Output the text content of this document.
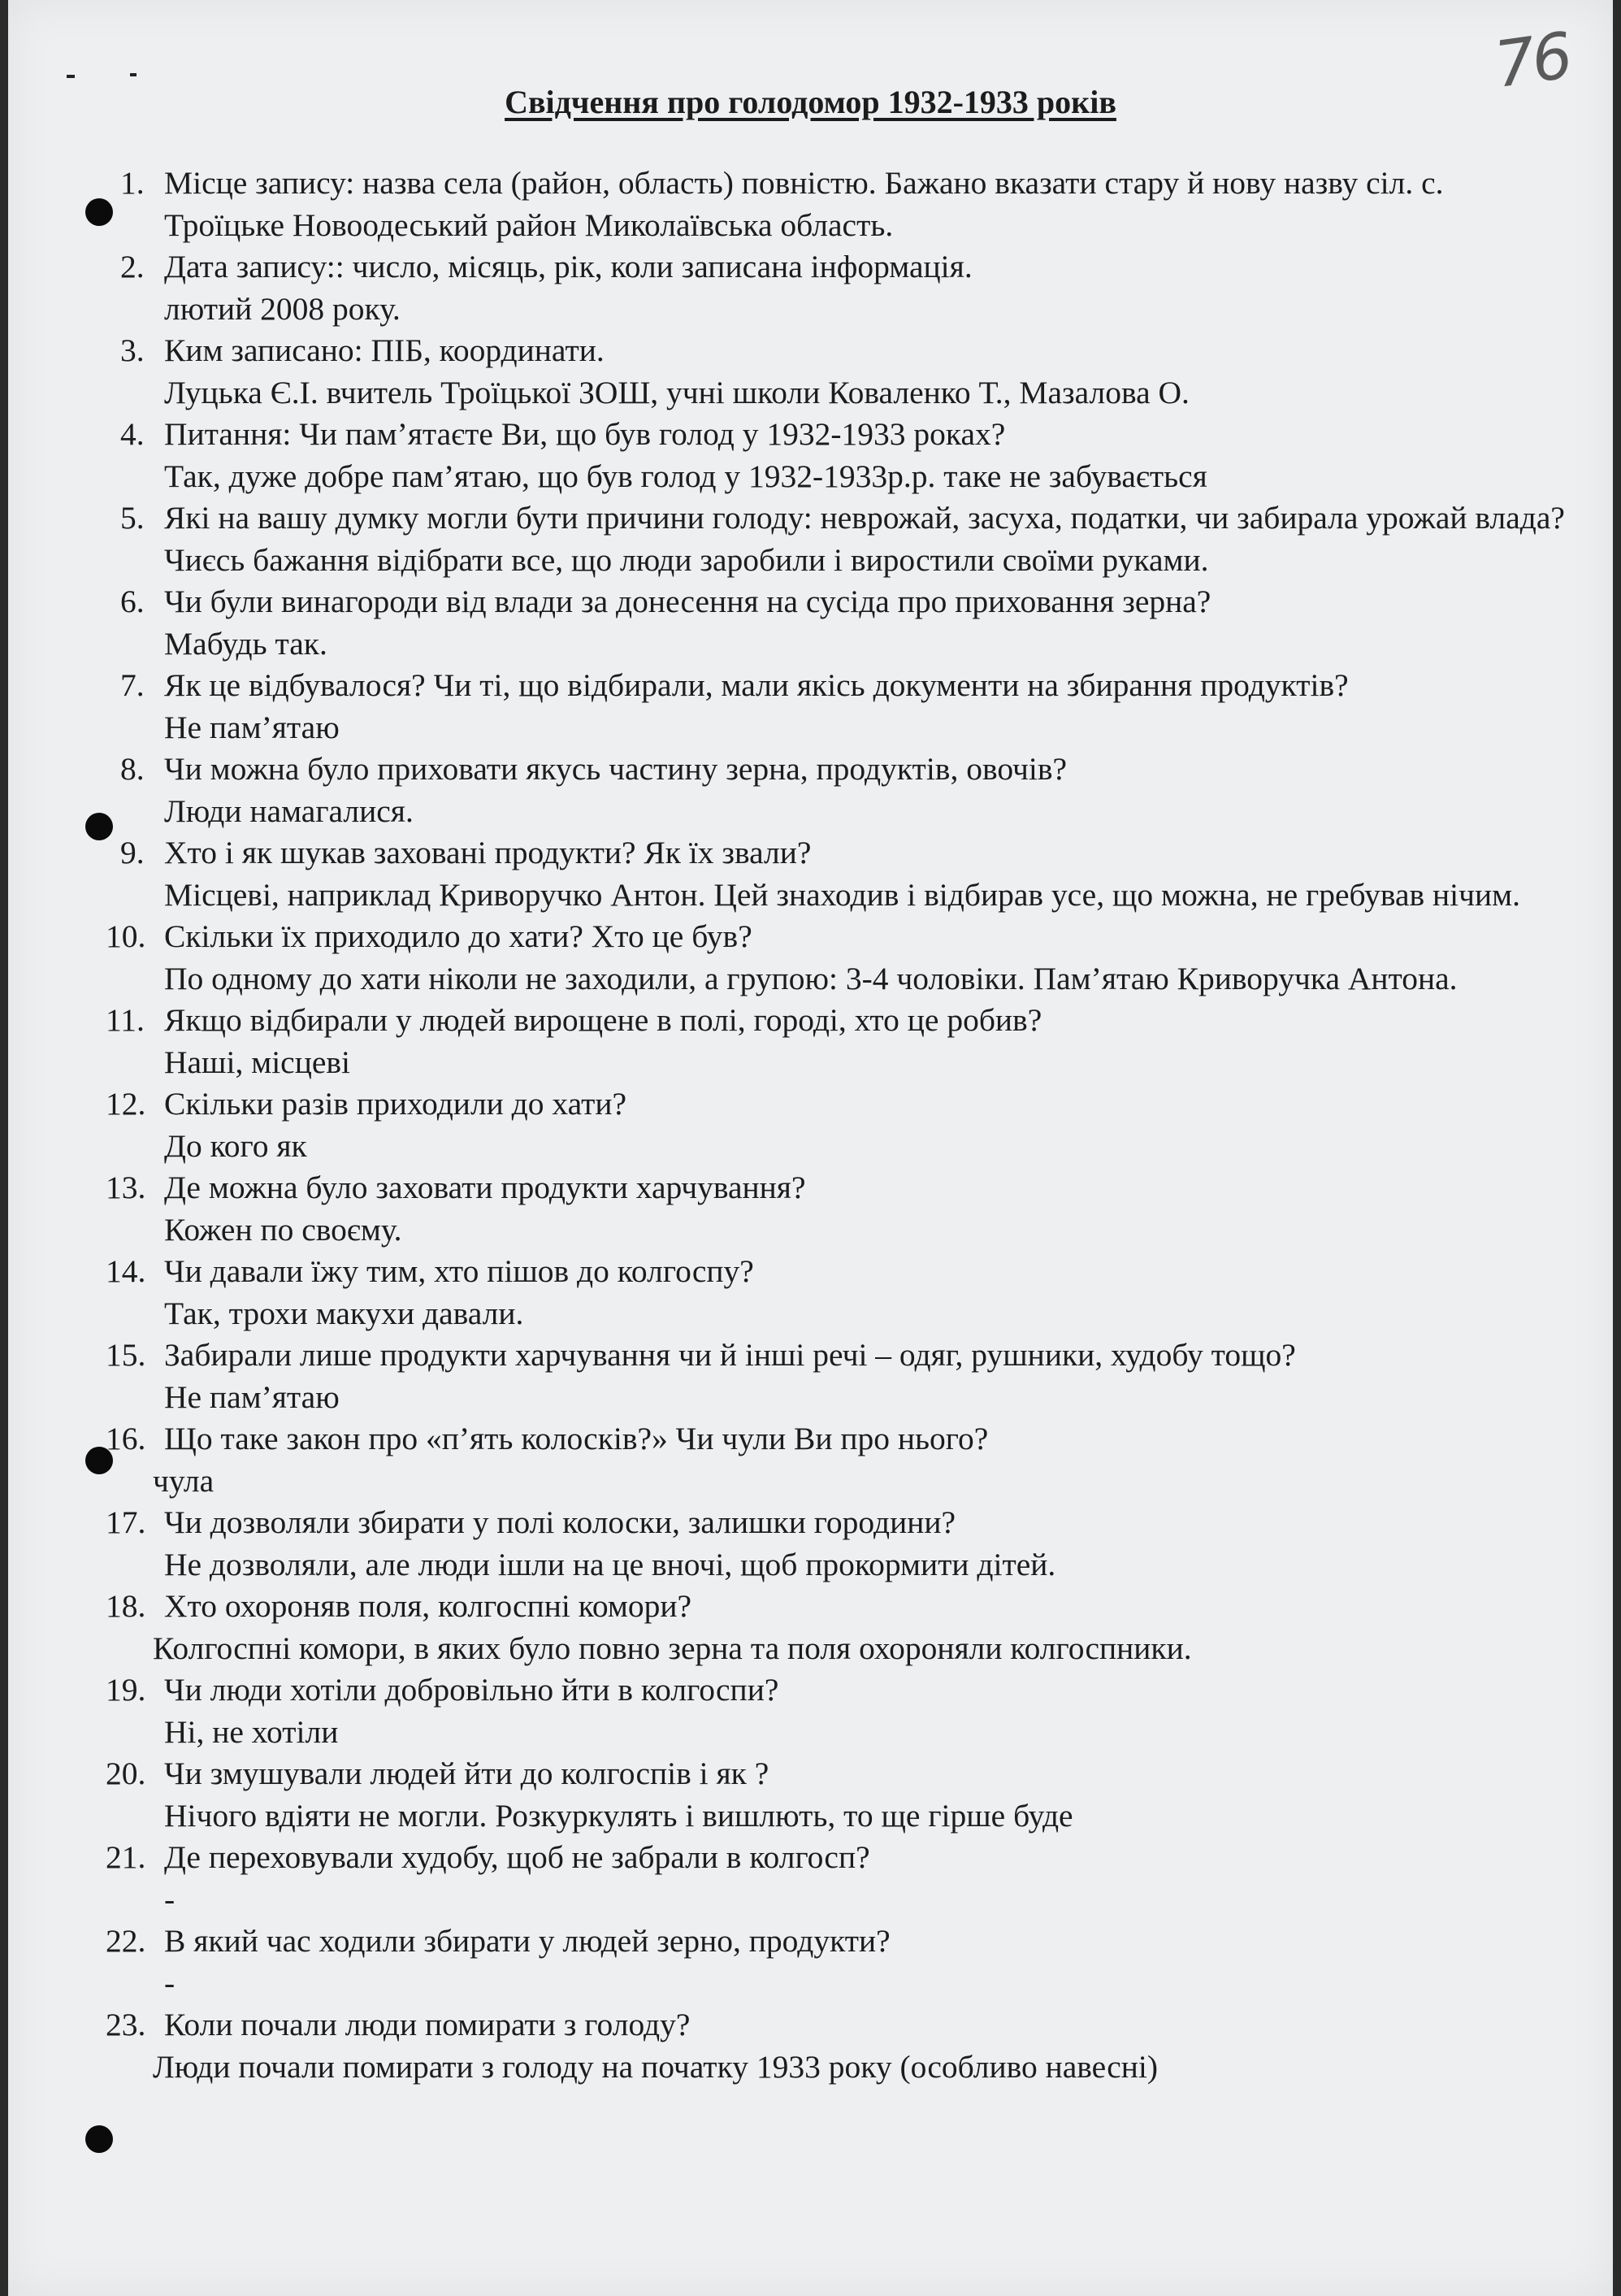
76
Свідчення про голодомор 1932-1933 років
1. Місце запису: назва села (район, область) повністю. Бажано вказати стару й нову назву сіл. с. Троїцьке Новоодеський район Миколаївська область.
2. Дата запису:: число, місяць, рік, коли записана інформація.
лютий 2008 року.
3. Ким записано: ПІБ, координати.
Луцька Є.І. вчитель Троїцької ЗОШ, учні школи Коваленко Т., Мазалова О.
4. Питання: Чи пам’ятаєте Ви, що був голод у 1932-1933 роках?
Так, дуже добре пам’ятаю, що був голод у 1932-1933р.р. таке не забувається
5. Які на вашу думку могли бути причини голоду: неврожай, засуха, податки, чи забирала урожай влада?
Чиєсь бажання відібрати все, що люди заробили і виростили своїми руками.
6. Чи були винагороди від влади за донесення на сусіда про приховання зерна?
Мабудь так.
7. Як це відбувалося? Чи ті, що відбирали, мали якісь документи на збирання продуктів?
Не пам’ятаю
8. Чи можна було приховати якусь частину зерна, продуктів, овочів?
Люди намагалися.
9. Хто і як шукав заховані продукти? Як їх звали?
Місцеві, наприклад Криворучко Антон. Цей знаходив і відбирав усе, що можна, не гребував нічим.
10. Скільки їх приходило до хати? Хто це був?
По одному до хати ніколи не заходили, а групою: 3-4 чоловіки. Пам’ятаю Криворучка Антона.
11. Якщо відбирали у людей вирощене в полі, городі, хто це робив?
Наші, місцеві
12. Скільки разів приходили до хати?
До кого як
13. Де можна було заховати продукти харчування?
Кожен по своєму.
14. Чи давали їжу тим, хто пішов до колгоспу?
Так, трохи макухи давали.
15. Забирали лише продукти харчування чи й інші речі – одяг, рушники, худобу тощо?
Не пам’ятаю
16. Що таке закон про «п’ять колосків?» Чи чули Ви про нього?
чула
17. Чи дозволяли збирати у полі колоски, залишки городини?
Не дозволяли, але люди ішли на це вночі, щоб прокормити дітей.
18. Хто охороняв поля, колгоспні комори?
Колгоспні комори, в яких було повно зерна та поля охороняли колгоспники.
19. Чи люди хотіли добровільно йти в колгоспи?
Ні, не хотіли
20. Чи змушували людей йти до колгоспів і як ?
Нічого вдіяти не могли. Розкуркулять і вишлють, то ще гірше буде
21. Де переховували худобу, щоб не забрали в колгосп?
-
22. В який час ходили збирати у людей зерно, продукти?
-
23. Коли почали люди помирати з голоду?
Люди почали помирати з голоду на початку 1933 року (особливо навесні)
